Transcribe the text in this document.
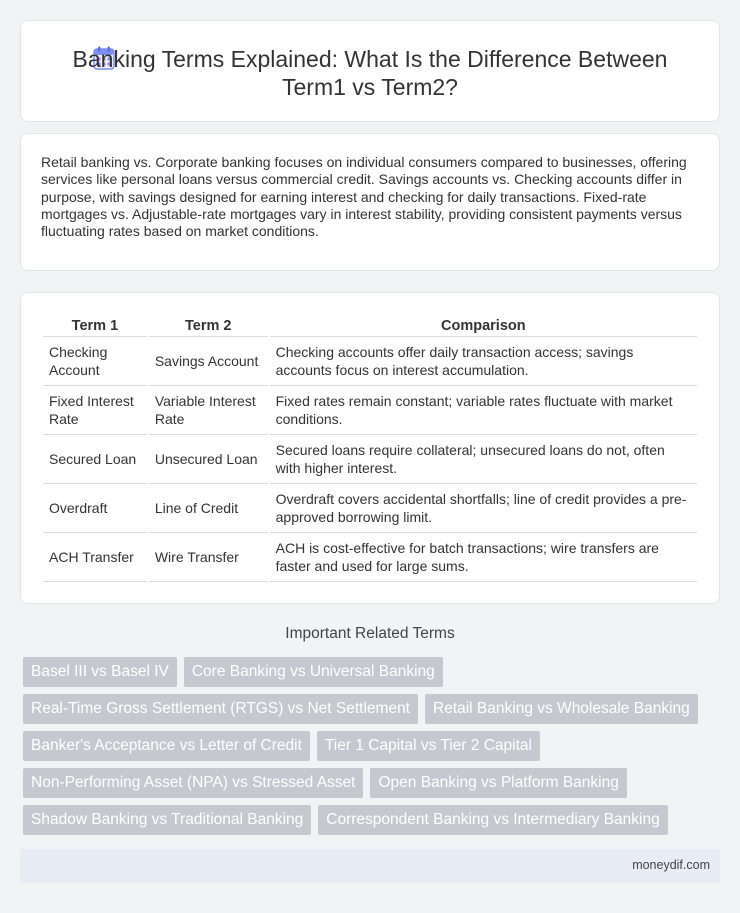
Banking Terms Explained: What Is the Difference Between Term1 vs Term2?

Retail banking vs. Corporate banking focuses on individual consumers compared to businesses, offering services like personal loans versus commercial credit. Savings accounts vs. Checking accounts differ in purpose, with savings designed for earning interest and checking for daily transactions. Fixed-rate mortgages vs. Adjustable-rate mortgages vary in interest stability, providing consistent payments versus fluctuating rates based on market conditions.

Term 1	Term 2	Comparison
Checking Account	Savings Account	Checking accounts offer daily transaction access; savings accounts focus on interest accumulation.
Fixed Interest Rate	Variable Interest Rate	Fixed rates remain constant; variable rates fluctuate with market conditions.
Secured Loan	Unsecured Loan	Secured loans require collateral; unsecured loans do not, often with higher interest.
Overdraft	Line of Credit	Overdraft covers accidental shortfalls; line of credit provides a pre-approved borrowing limit.
ACH Transfer	Wire Transfer	ACH is cost-effective for batch transactions; wire transfers are faster and used for large sums.
Important Related Terms
Basel III vs Basel IV	Core Banking vs Universal Banking
Real-Time Gross Settlement (RTGS) vs Net Settlement	Retail Banking vs Wholesale Banking
Banker's Acceptance vs Letter of Credit	Tier 1 Capital vs Tier 2 Capital
Non-Performing Asset (NPA) vs Stressed Asset	Open Banking vs Platform Banking
Shadow Banking vs Traditional Banking	Correspondent Banking vs Intermediary Banking
moneydif.com
